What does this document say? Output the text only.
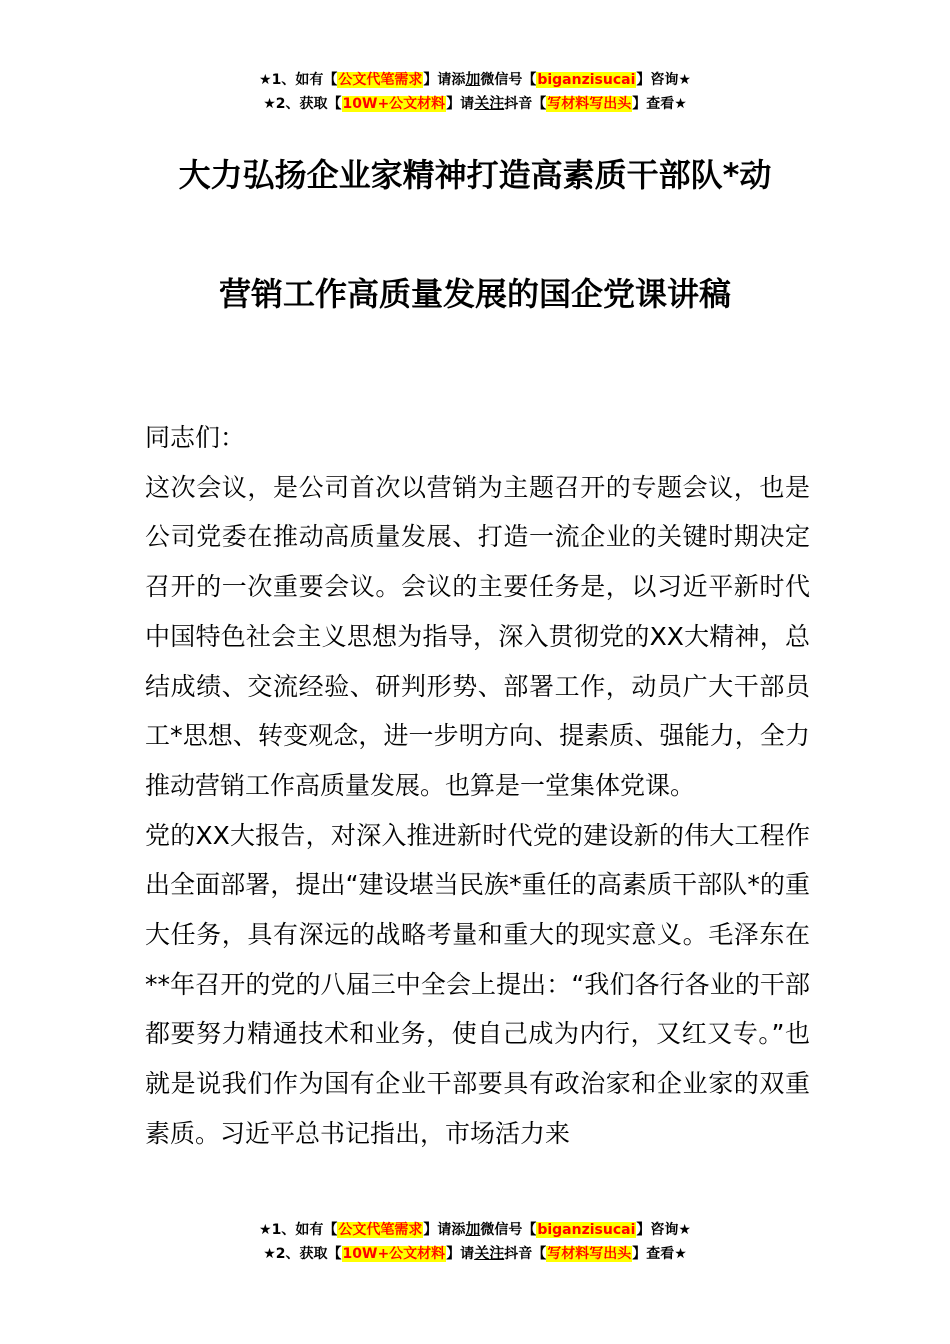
★1、如有【公文代笔需求】请添加微信号【biganzisucai】咨询★
★2、获取【10W+公文材料】请关注抖音【写材料写出头】查看★
大力弘扬企业家精神打造高素质干部队*动
营销工作高质量发展的国企党课讲稿

同志们：

这次会议，是公司首次以营销为主题召开的专题会议，也是公司党委在推动高质量发展、打造一流企业的关键时期决定召开的一次重要会议。会议的主要任务是，以习近平新时代中国特色社会主义思想为指导，深入贯彻党的XX大精神，总结成绩、交流经验、研判形势、部署工作，动员广大干部员工*思想、转变观念，进一步明方向、提素质、强能力，全力推动营销工作高质量发展。也算是一堂集体党课。

党的XX大报告，对深入推进新时代党的建设新的伟大工程作出全面部署，提出“建设堪当民族*重任的高素质干部队*的重大任务，具有深远的战略考量和重大的现实意义。毛泽东在**年召开的党的八届三中全会上提出：“我们各行各业的干部都要努力精通技术和业务，使自己成为内行，又红又专。”也就是说我们作为国有企业干部要具有政治家和企业家的双重素质。习近平总书记指出，市场活力来

★1、如有【公文代笔需求】请添加微信号【biganzisucai】咨询★
★2、获取【10W+公文材料】请关注抖音【写材料写出头】查看★
